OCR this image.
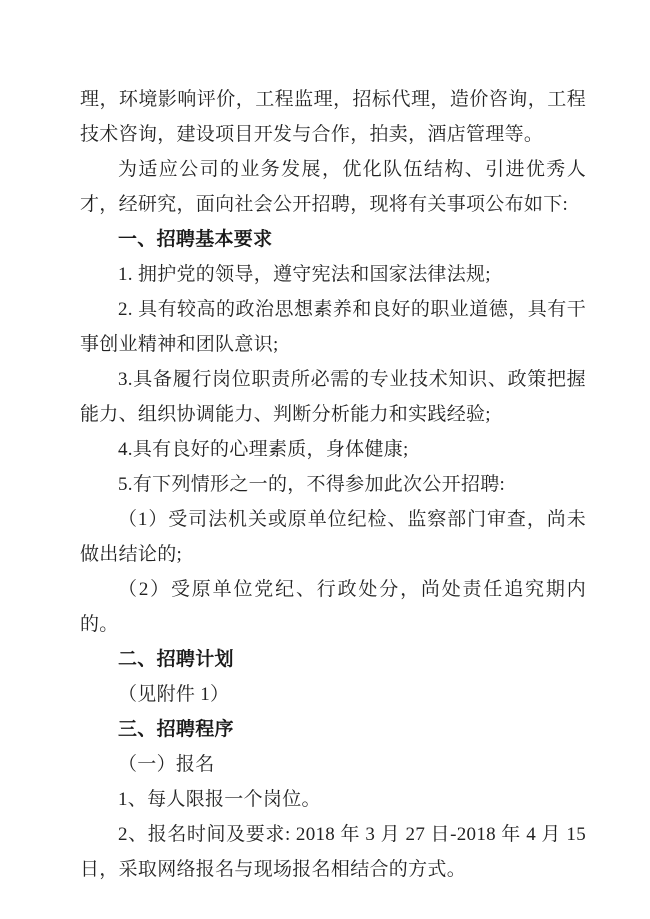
理，环境影响评价，工程监理，招标代理，造价咨询，工程技术咨询，建设项目开发与合作，拍卖，酒店管理等。

为适应公司的业务发展，优化队伍结构、引进优秀人才，经研究，面向社会公开招聘，现将有关事项公布如下:

一、招聘基本要求

1. 拥护党的领导，遵守宪法和国家法律法规;

2. 具有较高的政治思想素养和良好的职业道德，具有干事创业精神和团队意识;

3.具备履行岗位职责所必需的专业技术知识、政策把握能力、组织协调能力、判断分析能力和实践经验;

4.具有良好的心理素质，身体健康;

5.有下列情形之一的，不得参加此次公开招聘:

（1）受司法机关或原单位纪检、监察部门审查，尚未做出结论的;

（2）受原单位党纪、行政处分，尚处责任追究期内的。

二、招聘计划

（见附件 1）

三、招聘程序

（一）报名

1、每人限报一个岗位。

2、报名时间及要求: 2018 年 3 月 27 日-2018 年 4 月 15 日，采取网络报名与现场报名相结合的方式。
